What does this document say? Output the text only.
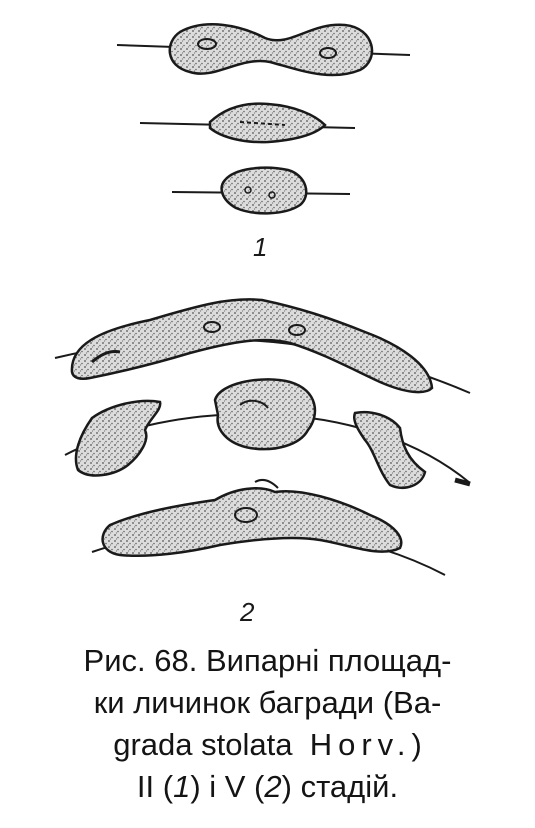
1
2
Рис. 68. Випарні площад-
ки личинок багради (Ba-
grada stolata Horv.)
II (1) і V (2) стадій.
